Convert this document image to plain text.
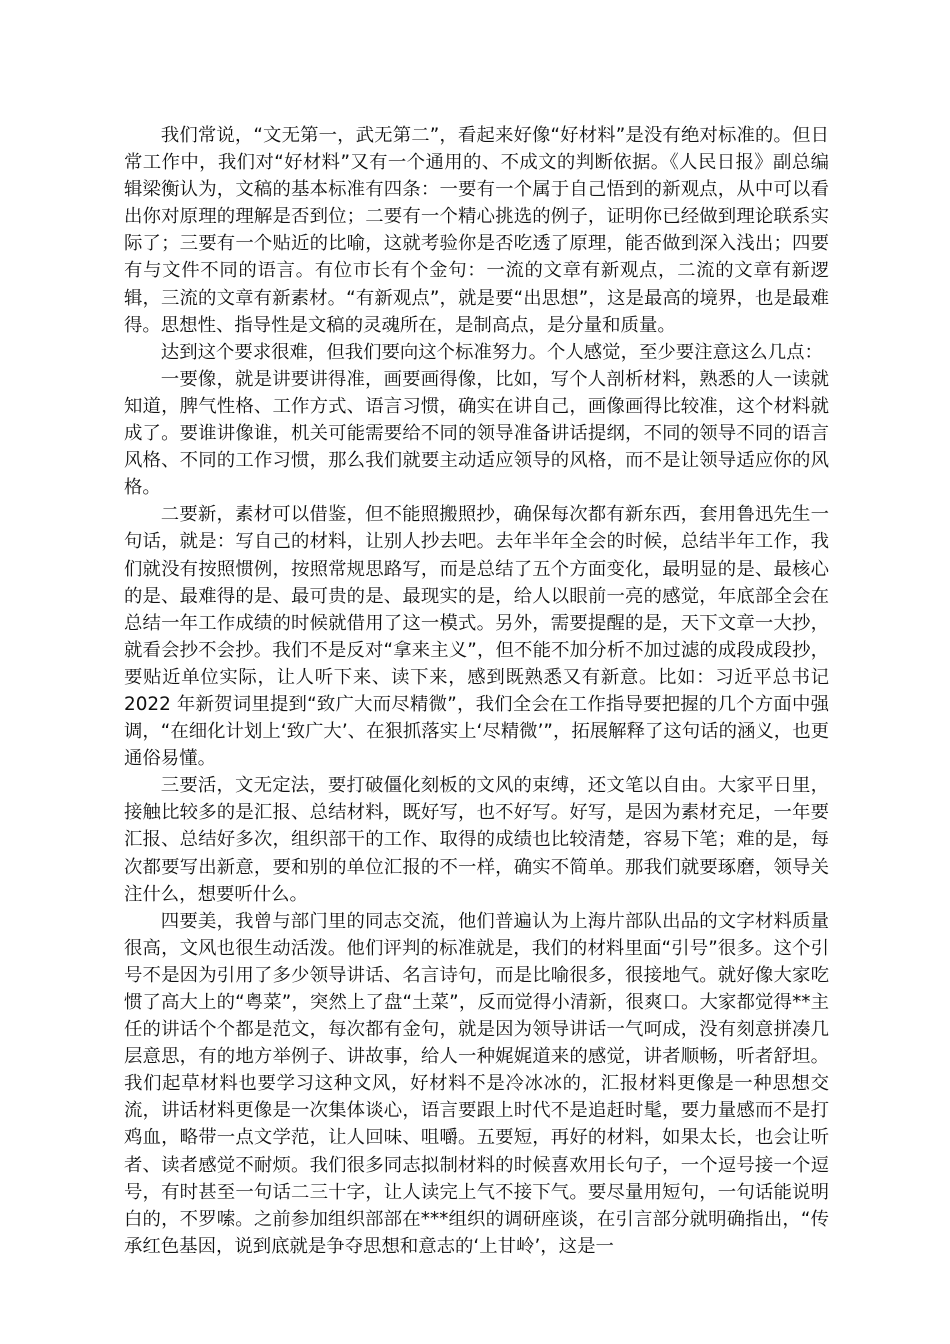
我们常说，“文无第一，武无第二”，看起来好像“好材料”是没有绝对标准的。但日常工作中，我们对“好材料”又有一个通用的、不成文的判断依据。《人民日报》副总编辑梁衡认为，文稿的基本标准有四条：一要有一个属于自己悟到的新观点，从中可以看出你对原理的理解是否到位；二要有一个精心挑选的例子，证明你已经做到理论联系实际了；三要有一个贴近的比喻，这就考验你是否吃透了原理，能否做到深入浅出；四要有与文件不同的语言。有位市长有个金句：一流的文章有新观点，二流的文章有新逻辑，三流的文章有新素材。“有新观点”，就是要“出思想”，这是最高的境界，也是最难得。思想性、指导性是文稿的灵魂所在，是制高点，是分量和质量。

达到这个要求很难，但我们要向这个标准努力。个人感觉，至少要注意这么几点：

一要像，就是讲要讲得准，画要画得像，比如，写个人剖析材料，熟悉的人一读就知道，脾气性格、工作方式、语言习惯，确实在讲自己，画像画得比较准，这个材料就成了。要谁讲像谁，机关可能需要给不同的领导准备讲话提纲，不同的领导不同的语言风格、不同的工作习惯，那么我们就要主动适应领导的风格，而不是让领导适应你的风格。

二要新，素材可以借鉴，但不能照搬照抄，确保每次都有新东西，套用鲁迅先生一句话，就是：写自己的材料，让别人抄去吧。去年半年全会的时候，总结半年工作，我们就没有按照惯例，按照常规思路写，而是总结了五个方面变化，最明显的是、最核心的是、最难得的是、最可贵的是、最现实的是，给人以眼前一亮的感觉，年底部全会在总结一年工作成绩的时候就借用了这一模式。另外，需要提醒的是，天下文章一大抄，就看会抄不会抄。我们不是反对“拿来主义”，但不能不加分析不加过滤的成段成段抄，要贴近单位实际，让人听下来、读下来，感到既熟悉又有新意。比如：习近平总书记 2022 年新贺词里提到“致广大而尽精微”，我们全会在工作指导要把握的几个方面中强调，“在细化计划上‘致广大’、在狠抓落实上‘尽精微’”，拓展解释了这句话的涵义，也更通俗易懂。

三要活，文无定法，要打破僵化刻板的文风的束缚，还文笔以自由。大家平日里，接触比较多的是汇报、总结材料，既好写，也不好写。好写，是因为素材充足，一年要汇报、总结好多次，组织部干的工作、取得的成绩也比较清楚，容易下笔；难的是，每次都要写出新意，要和别的单位汇报的不一样，确实不简单。那我们就要琢磨，领导关注什么，想要听什么。

四要美，我曾与部门里的同志交流，他们普遍认为上海片部队出品的文字材料质量很高，文风也很生动活泼。他们评判的标准就是，我们的材料里面“引号”很多。这个引号不是因为引用了多少领导讲话、名言诗句，而是比喻很多，很接地气。就好像大家吃惯了高大上的“粤菜”，突然上了盘“土菜”，反而觉得小清新，很爽口。大家都觉得**主任的讲话个个都是范文，每次都有金句，就是因为领导讲话一气呵成，没有刻意拼凑几层意思，有的地方举例子、讲故事，给人一种娓娓道来的感觉，讲者顺畅，听者舒坦。我们起草材料也要学习这种文风，好材料不是冷冰冰的，汇报材料更像是一种思想交流，讲话材料更像是一次集体谈心，语言要跟上时代不是追赶时髦，要力量感而不是打鸡血，略带一点文学范，让人回味、咀嚼。五要短，再好的材料，如果太长，也会让听者、读者感觉不耐烦。我们很多同志拟制材料的时候喜欢用长句子，一个逗号接一个逗号，有时甚至一句话二三十字，让人读完上气不接下气。要尽量用短句，一句话能说明白的，不罗嗦。之前参加组织部部在***组织的调研座谈，在引言部分就明确指出，“传承红色基因，说到底就是争夺思想和意志的‘上甘岭’，这是一
